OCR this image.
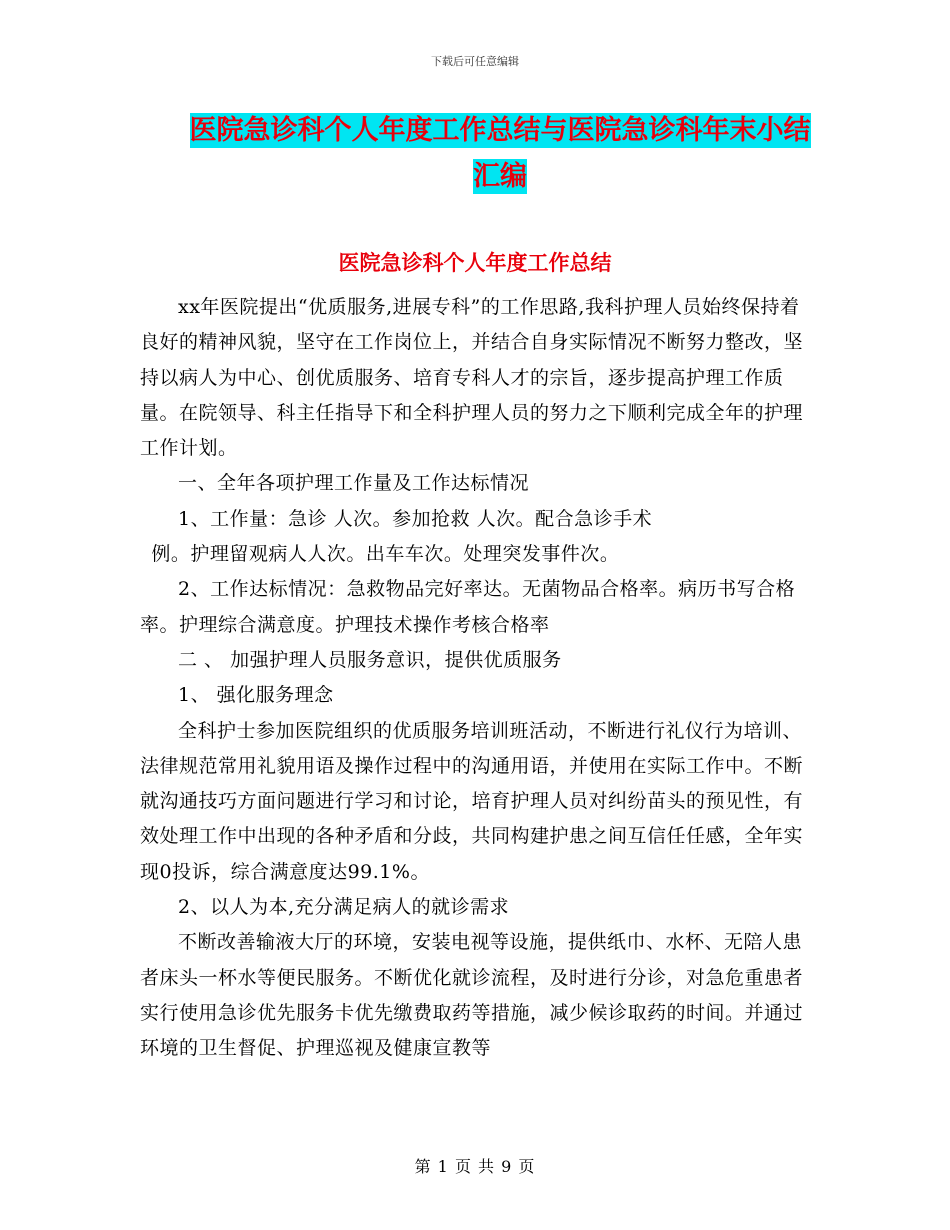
下载后可任意编辑
医院急诊科个人年度工作总结与医院急诊科年末小结
汇编
医院急诊科个人年度工作总结

xx年医院提出“优质服务,进展专科”的工作思路,我科护理人员始终保持着良好的精神风貌，坚守在工作岗位上，并结合自身实际情况不断努力整改，坚持以病人为中心、创优质服务、培育专科人才的宗旨，逐步提高护理工作质量。在院领导、科主任指导下和全科护理人员的努力之下顺利完成全年的护理工作计划。

一、全年各项护理工作量及工作达标情况

1、工作量：急诊 人次。参加抢救 人次。配合急诊手术

例。护理留观病人人次。出车车次。处理突发事件次。

2、工作达标情况：急救物品完好率达。无菌物品合格率。病历书写合格率。护理综合满意度。护理技术操作考核合格率

二 、 加强护理人员服务意识，提供优质服务

1、 强化服务理念

全科护士参加医院组织的优质服务培训班活动，不断进行礼仪行为培训、法律规范常用礼貌用语及操作过程中的沟通用语，并使用在实际工作中。不断就沟通技巧方面问题进行学习和讨论，培育护理人员对纠纷苗头的预见性，有效处理工作中出现的各种矛盾和分歧，共同构建护患之间互信任任感，全年实现0投诉，综合满意度达99.1%。

2、以人为本,充分满足病人的就诊需求

不断改善输液大厅的环境，安装电视等设施，提供纸巾、水杯、无陪人患者床头一杯水等便民服务。不断优化就诊流程，及时进行分诊，对急危重患者实行使用急诊优先服务卡优先缴费取药等措施，减少候诊取药的时间。并通过环境的卫生督促、护理巡视及健康宣教等

第 1 页 共 9 页
